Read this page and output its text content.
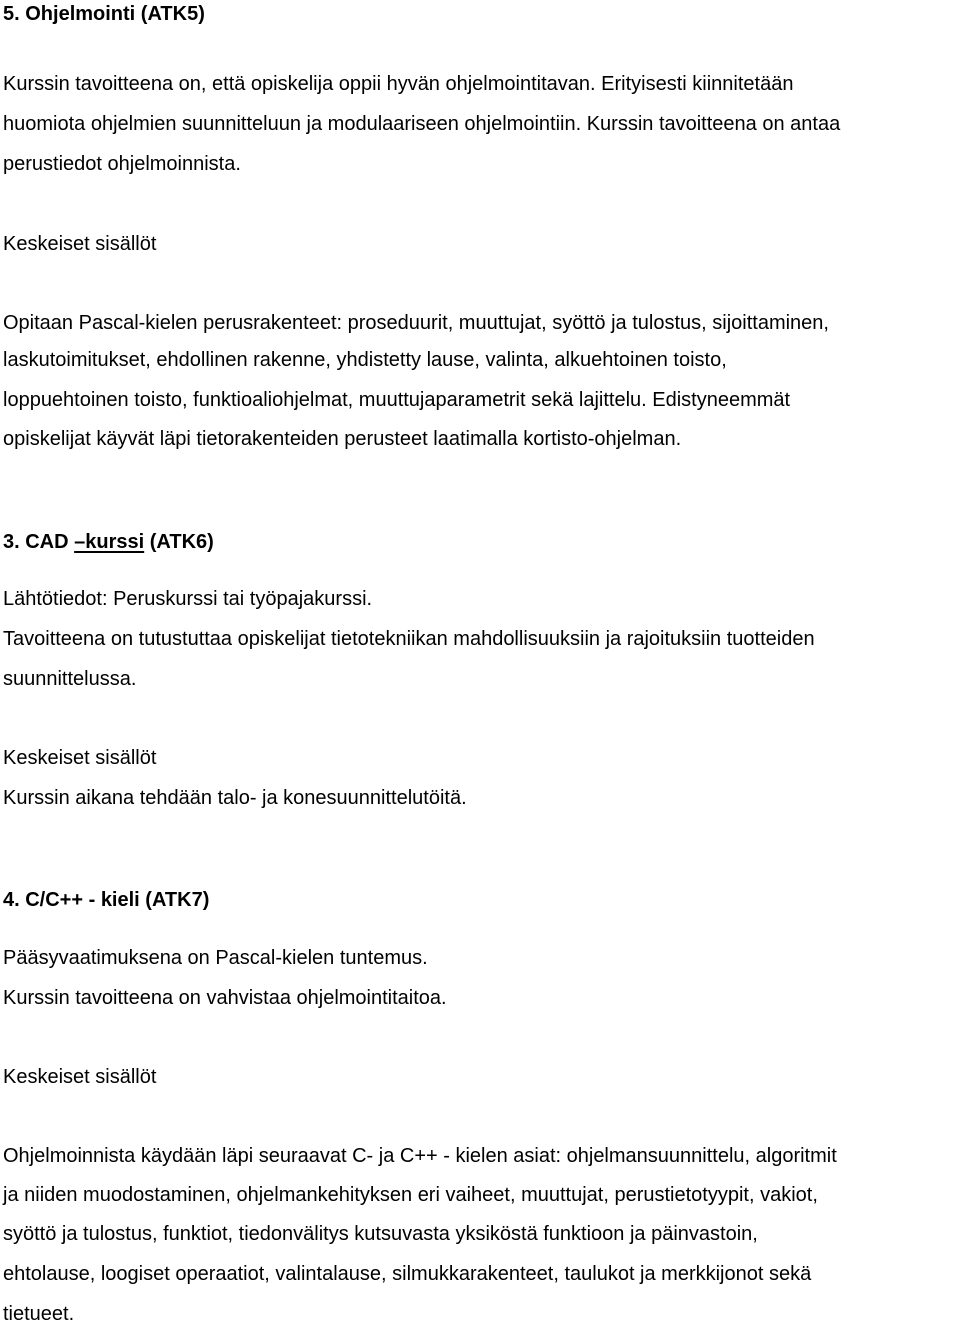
5. Ohjelmointi (ATK5)
Kurssin tavoitteena on, että opiskelija oppii hyvän ohjelmointitavan. Erityisesti kiinnitetään
huomiota ohjelmien suunnitteluun ja modulaariseen ohjelmointiin. Kurssin tavoitteena on antaa
perustiedot ohjelmoinnista.
Keskeiset sisällöt
Opitaan Pascal-kielen perusrakenteet: proseduurit, muuttujat, syöttö ja tulostus, sijoittaminen,
laskutoimitukset, ehdollinen rakenne, yhdistetty lause, valinta, alkuehtoinen toisto,
loppuehtoinen toisto, funktioaliohjelmat, muuttujaparametrit sekä lajittelu. Edistyneemmät
opiskelijat käyvät läpi tietorakenteiden perusteet laatimalla kortisto-ohjelman.
3. CAD –kurssi (ATK6)
Lähtötiedot: Peruskurssi tai työpajakurssi.
Tavoitteena on tutustuttaa opiskelijat tietotekniikan mahdollisuuksiin ja rajoituksiin tuotteiden
suunnittelussa.
Keskeiset sisällöt
Kurssin aikana tehdään talo- ja konesuunnittelutöitä.
4. C/C++ - kieli (ATK7)
Pääsyvaatimuksena on Pascal-kielen tuntemus.
Kurssin tavoitteena on vahvistaa ohjelmointitaitoa.
Keskeiset sisällöt
Ohjelmoinnista käydään läpi seuraavat C- ja C++ - kielen asiat: ohjelmansuunnittelu, algoritmit
ja niiden muodostaminen, ohjelmankehityksen eri vaiheet, muuttujat, perustietotyypit, vakiot,
syöttö ja tulostus, funktiot, tiedonvälitys kutsuvasta yksiköstä funktioon ja päinvastoin,
ehtolause, loogiset operaatiot, valintalause, silmukkarakenteet, taulukot ja merkkijonot sekä
tietueet.
